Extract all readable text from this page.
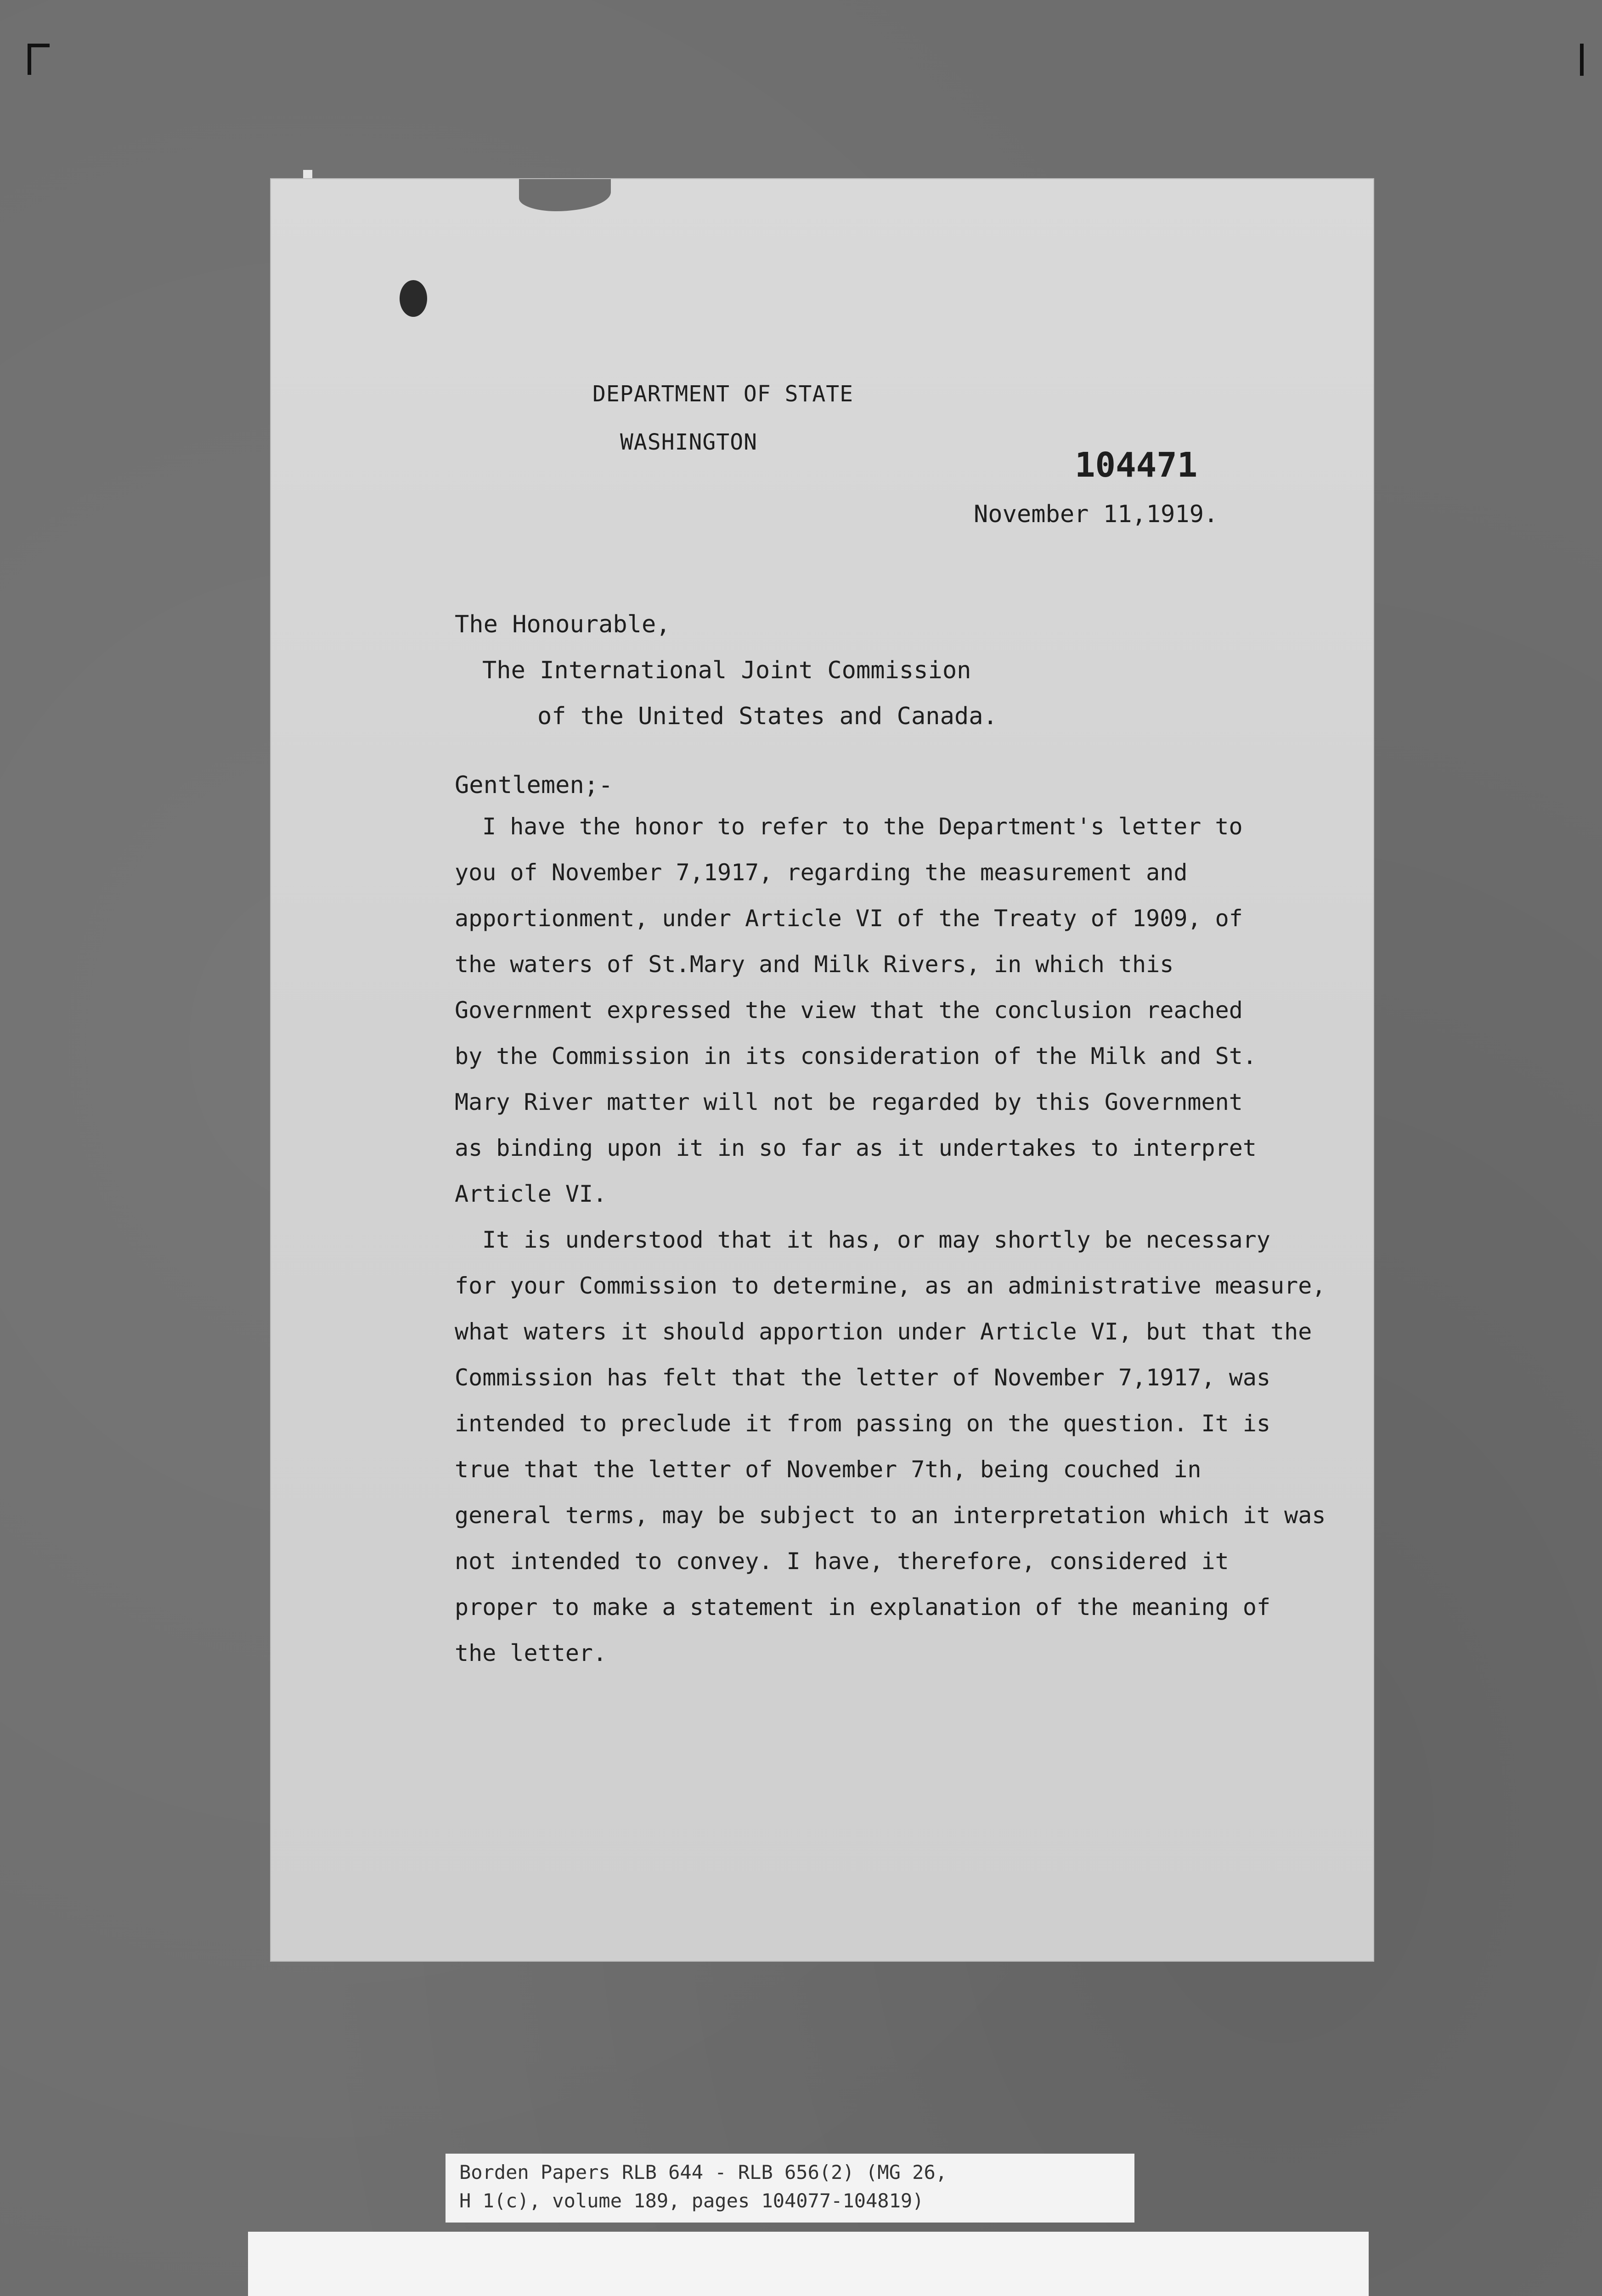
DEPARTMENT OF STATE
WASHINGTON
104471
November 11,1919.
The Honourable,
The International Joint Commission
of the United States and Canada.
Gentlemen;-
I have the honor to refer to the Department's letter to
you of November 7,1917, regarding the measurement and
apportionment, under Article VI of the Treaty of 1909, of
the waters of St.Mary and Milk Rivers, in which this
Government expressed the view that the conclusion reached
by the Commission in its consideration of the Milk and St.
Mary River matter will not be regarded by this Government
as binding upon it in so far as it undertakes to interpret
Article VI.
It is understood that it has, or may shortly be necessary
for your Commission to determine, as an administrative measure,
what waters it should apportion under Article VI, but that the
Commission has felt that the letter of November 7,1917, was
intended to preclude it from passing on the question. It is
true that the letter of November 7th, being couched in
general terms, may be subject to an interpretation which it was
not intended to convey. I have, therefore, considered it
proper to make a statement in explanation of the meaning of
the letter.
Borden Papers RLB 644 - RLB 656(2) (MG 26,
H 1(c), volume 189, pages 104077-104819)
